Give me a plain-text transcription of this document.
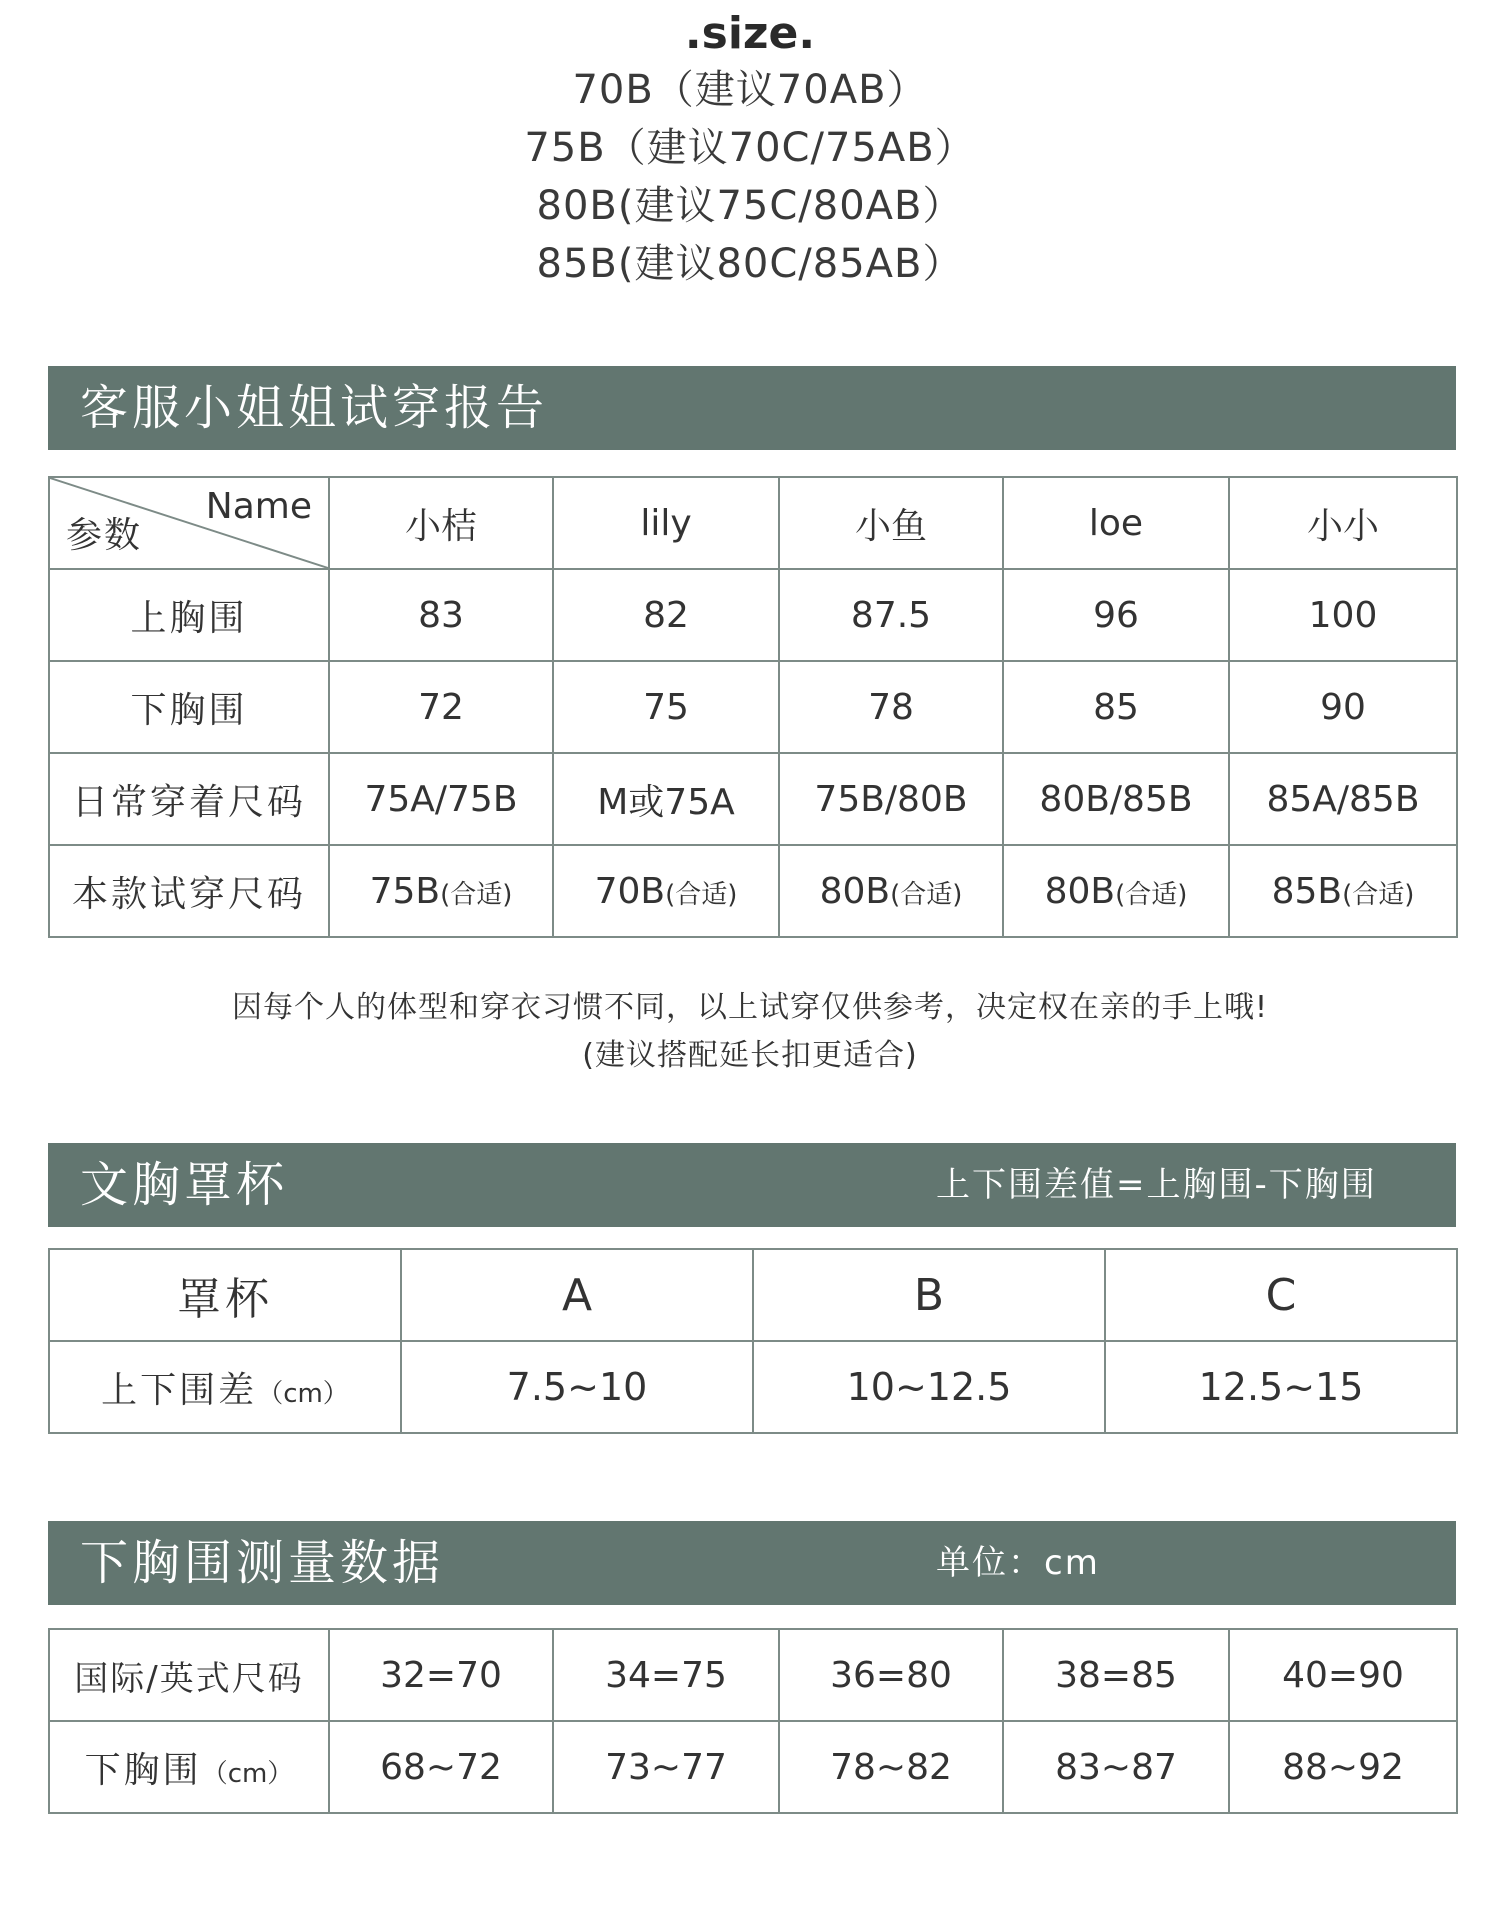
.size.
70B（建议70AB）
75B（建议70C/75AB）
80B(建议75C/80AB）
85B(建议80C/85AB）
客服小姐姐试穿报告
Name
参数	小桔	lily	小鱼	loe	小小
上胸围	83	82	87.5	96	100
下胸围	72	75	78	85	90
日常穿着尺码	75A/75B	M或75A	75B/80B	80B/85B	85A/85B
本款试穿尺码	75B(合适)	70B(合适)	80B(合适)	80B(合适)	85B(合适)
因每个人的体型和穿衣习惯不同，以上试穿仅供参考，决定权在亲的手上哦!
(建议搭配延长扣更适合)
文胸罩杯	上下围差值=上胸围-下胸围
罩杯	A	B	C
上下围差（cm）	7.5~10	10~12.5	12.5~15
下胸围测量数据	单位：cm
国际/英式尺码	32=70	34=75	36=80	38=85	40=90
下胸围（cm）	68~72	73~77	78~82	83~87	88~92
